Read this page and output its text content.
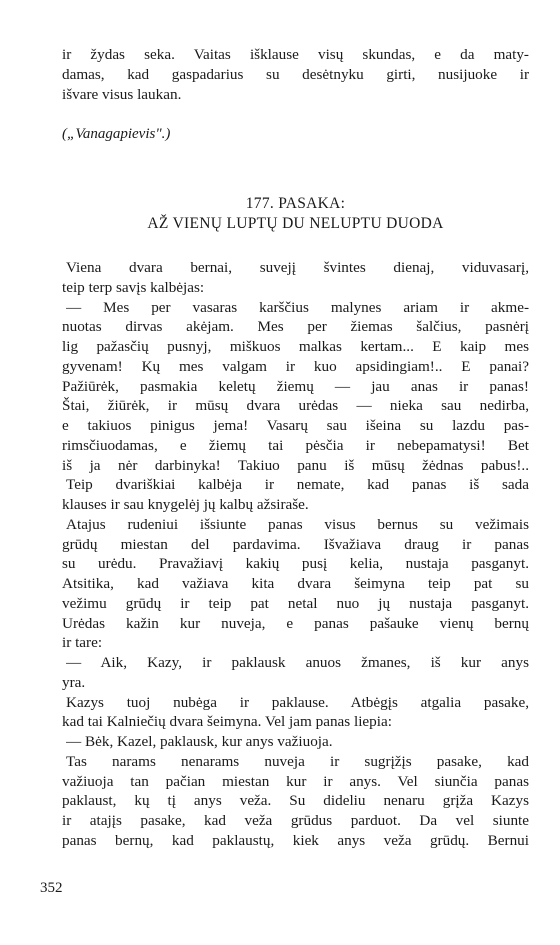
ir žydas seka. Vaitas išklause visų skundas, e da maty-

damas, kad gaspadarius su desėtnyku girti, nusijuoke ir

išvare visus laukan.

(„Vanagapievis".)

177. PASAKA:

AŽ VIENŲ LUPTŲ DU NELUPTU DUODA

Viena dvara bernai, suvejį švintes dienaj, viduvasarį,

teip terp savįs kalbėjas:

— Mes per vasaras karščius malynes ariam ir akme-

nuotas dirvas akėjam. Mes per žiemas šalčius, pasnėrį

lig pažasčių pusnyj, miškuos malkas kertam... E kaip mes

gyvenam! Kų mes valgam ir kuo apsidingiam!.. E panai?

Pažiūrėk, pasmakia keletų žiemų — jau anas ir panas!

Štai, žiūrėk, ir mūsų dvara urėdas — nieka sau nedirba,

e takiuos pinigus jema! Vasarų sau išeina su lazdu pas-

rimsčiuodamas, e žiemų tai pėsčia ir nebepamatysi! Bet

iš ja nėr darbinyka! Takiuo panu iš mūsų žėdnas pabus!..

Teip dvariškiai kalbėja ir nemate, kad panas iš sada

klauses ir sau knygelėj jų kalbų ažsiraše.

Atajus rudeniui išsiunte panas visus bernus su vežimais

grūdų miestan del pardavima. Išvažiava draug ir panas

su urėdu. Pravažiavį kakių pusį kelia, nustaja pasganyt.

Atsitika, kad važiava kita dvara šeimyna teip pat su

vežimu grūdų ir teip pat netal nuo jų nustaja pasganyt.

Urėdas kažin kur nuveja, e panas pašauke vienų bernų

ir tare:

— Aik, Kazy, ir paklausk anuos žmanes, iš kur anys

yra.

Kazys tuoj nubėga ir paklause. Atbėgįs atgalia pasake,

kad tai Kalniečių dvara šeimyna. Vel jam panas liepia:

— Bėk, Kazel, paklausk, kur anys važiuoja.

Tas narams nenarams nuveja ir sugrįžįs pasake, kad

važiuoja tan pačian miestan kur ir anys. Vel siunčia panas

paklaust, kų tį anys veža. Su dideliu nenaru grįža Kazys

ir atajįs pasake, kad veža grūdus parduot. Da vel siunte

panas bernų, kad paklaustų, kiek anys veža grūdų. Bernui

352
